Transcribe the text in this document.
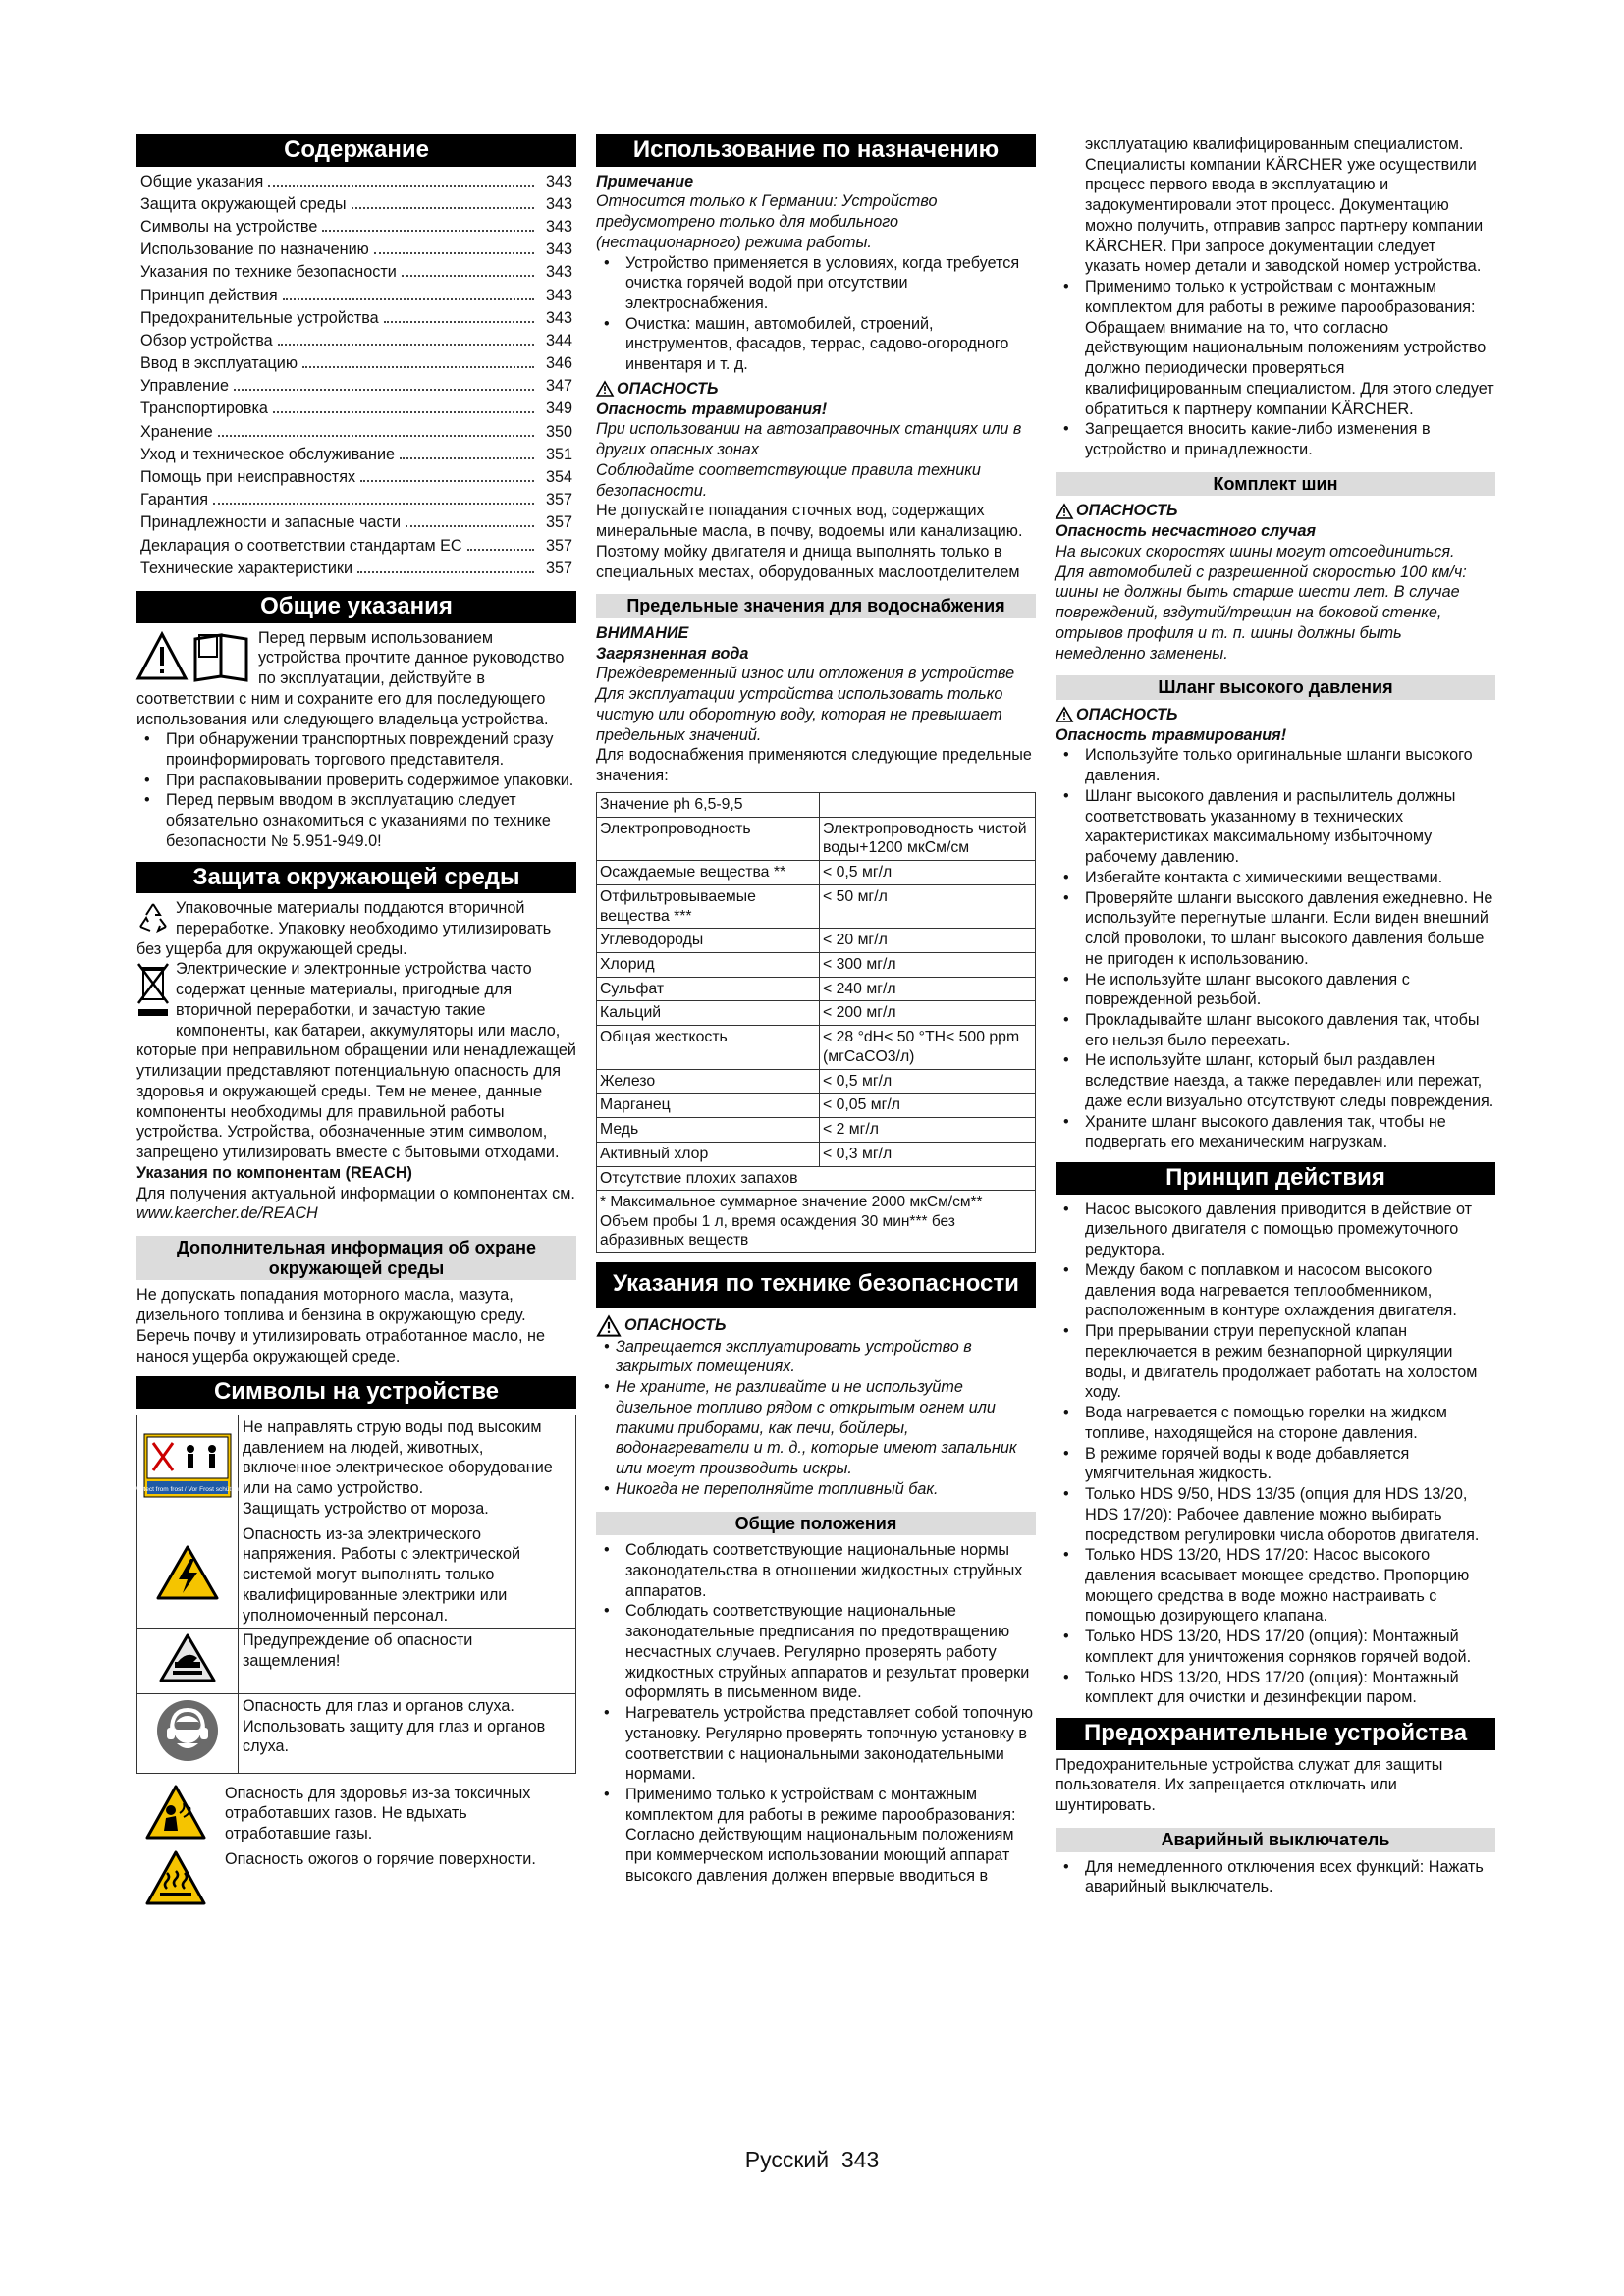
Содержание
Общие указания	343
Защита окружающей среды	343
Символы на устройстве	343
Использование по назначению	343
Указания по технике безопасности	343
Принцип действия	343
Предохранительные устройства	343
Обзор устройства	344
Ввод в эксплуатацию	346
Управление	347
Транспортировка	349
Хранение	350
Уход и техническое обслуживание	351
Помощь при неисправностях	354
Гарантия	357
Принадлежности и запасные части	357
Декларация о соответствии стандартам ЕС	357
Технические характеристики	357
Общие указания
Перед первым использованием устройства прочтите данное руководство по эксплуатации, действуйте в соответствии с ним и сохраните его для последующего использования или следующего владельца устройства.
• При обнаружении транспортных повреждений сразу проинформировать торгового представителя.
• При распаковывании проверить содержимое упаковки.
• Перед первым вводом в эксплуатацию следует обязательно ознакомиться с указаниями по технике безопасности № 5.951-949.0!
Защита окружающей среды
Упаковочные материалы поддаются вторичной переработке. Упаковку необходимо утилизировать без ущерба для окружающей среды.
Электрические и электронные устройства часто содержат ценные материалы, пригодные для вторичной переработки, и зачастую такие компоненты, как батареи, аккумуляторы или масло, которые при неправильном обращении или ненадлежащей утилизации представляют потенциальную опасность для здоровья и окружающей среды. Тем не менее, данные компоненты необходимы для правильной работы устройства. Устройства, обозначенные этим символом, запрещено утилизировать вместе с бытовыми отходами.

Указания по компонентам (REACH)

Для получения актуальной информации о компонентах см. www.kaercher.de/REACH

Дополнительная информация об охране окружающей среды

Не допускать попадания моторного масла, мазута, дизельного топлива и бензина в окружающую среду. Беречь почву и утилизировать отработанное масло, не нанося ущерба окружающей среде.

Символы на устройстве
Protect from frost / Vor Frost schützen	Не направлять струю воды под высоким давлением на людей, животных, включенное электрическое оборудование или на само устройство.
Защищать устройство от мороза.
	Опасность из-за электрического напряжения. Работы с электрической системой могут выполнять только квалифицированные электрики или уполномоченный персонал.
	Предупреждение об опасности защемления!
	Опасность для глаз и органов слуха. Использовать защиту для глаз и органов слуха.

Опасность для здоровья из-за токсичных отработавших газов. Не вдыхать отработавшие газы.

Опасность ожогов о горячие поверхности.

Использование по назначению

Примечание

Относится только к Германии: Устройство предусмотрено только для мобильного (нестационарного) режима работы.

• Устройство применяется в условиях, когда требуется очистка горячей водой при отсутствии электроснабжения.
• Очистка: машин, автомобилей, строений, инструментов, фасадов, террас, садово-огородного инвентаря и т. д.
ОПАСНОСТЬ

Опасность травмирования!

При использовании на автозаправочных станциях или в других опасных зонах

Соблюдайте соответствующие правила техники безопасности.

Не допускайте попадания сточных вод, содержащих минеральные масла, в почву, водоемы или канализацию. Поэтому мойку двигателя и днища выполнять только в специальных местах, оборудованных маслоотделителем

Предельные значения для водоснабжения

ВНИМАНИЕ

Загрязненная вода

Преждевременный износ или отложения в устройстве

Для эксплуатации устройства использовать только чистую или оборотную воду, которая не превышает предельных значений.

Для водоснабжения применяются следующие предельные значения:

Значение ph 6,5-9,5	
Электропроводность	Электропроводность чистой воды+1200 мкСм/см
Осаждаемые вещества **	< 0,5 мг/л
Отфильтровываемые вещества ***	< 50 мг/л
Углеводороды	< 20 мг/л
Хлорид	< 300 мг/л
Сульфат	< 240 мг/л
Кальций	< 200 мг/л
Общая жесткость	< 28 °dH< 50 °TH< 500 ppm (мгCaCO3/л)
Железо	< 0,5 мг/л
Марганец	< 0,05 мг/л
Медь	< 2 мг/л
Активный хлор	< 0,3 мг/л
Отсутствие плохих запахов	
* Максимальное суммарное значение 2000 мкСм/см** Объем пробы 1 л, время осаждения 30 мин*** без абразивных веществ	
Указания по технике безопасности
ОПАСНОСТЬ
• Запрещается эксплуатировать устройство в закрытых помещениях.
• Не храните, не разливайте и не используйте дизельное топливо рядом с открытым огнем или такими приборами, как печи, бойлеры, водонагреватели и т. д., которые имеют запальник или могут производить искры.
• Никогда не переполняйте топливный бак.
Общие положения
• Соблюдать соответствующие национальные нормы законодательства в отношении жидкостных струйных аппаратов.
• Соблюдать соответствующие национальные законодательные предписания по предотвращению несчастных случаев. Регулярно проверять работу жидкостных струйных аппаратов и результат проверки оформлять в письменном виде.
• Нагреватель устройства представляет собой топочную установку. Регулярно проверять топочную установку в соответствии с национальными законодательными нормами.
• Применимо только к устройствам с монтажным комплектом для работы в режиме парообразования: Согласно действующим национальным положениям при коммерческом использовании моющий аппарат высокого давления должен впервые вводиться в
эксплуатацию квалифицированным специалистом. Специалисты компании KÄRCHER уже осуществили процесс первого ввода в эксплуатацию и задокументировали этот процесс. Документацию можно получить, отправив запрос партнеру компании KÄRCHER. При запросе документации следует указать номер детали и заводской номер устройства.
• Применимо только к устройствам с монтажным комплектом для работы в режиме парообразования: Обращаем внимание на то, что согласно действующим национальным положениям устройство должно периодически проверяться квалифицированным специалистом. Для этого следует обратиться к партнеру компании KÄRCHER.
• Запрещается вносить какие-либо изменения в устройство и принадлежности.
Комплект шин
ОПАСНОСТЬ

Опасность несчастного случая

На высоких скоростях шины могут отсоединиться.

Для автомобилей с разрешенной скоростью 100 км/ч: шины не должны быть старше шести лет. В случае повреждений, вздутий/трещин на боковой стенке, отрывов профиля и т. п. шины должны быть немедленно заменены.

Шланг высокого давления
ОПАСНОСТЬ

Опасность травмирования!

• Используйте только оригинальные шланги высокого давления.
• Шланг высокого давления и распылитель должны соответствовать указанному в технических характеристиках максимальному избыточному рабочему давлению.
• Избегайте контакта с химическими веществами.
• Проверяйте шланги высокого давления ежедневно. Не используйте перегнутые шланги. Если виден внешний слой проволоки, то шланг высокого давления больше не пригоден к использованию.
• Не используйте шланг высокого давления с поврежденной резьбой.
• Прокладывайте шланг высокого давления так, чтобы его нельзя было переехать.
• Не используйте шланг, который был раздавлен вследствие наезда, а также передавлен или пережат, даже если визуально отсутствуют следы повреждения.
• Храните шланг высокого давления так, чтобы не подвергать его механическим нагрузкам.
Принцип действия
• Насос высокого давления приводится в действие от дизельного двигателя с помощью промежуточного редуктора.
• Между баком с поплавком и насосом высокого давления вода нагревается теплообменником, расположенным в контуре охлаждения двигателя.
• При прерывании струи перепускной клапан переключается в режим безнапорной циркуляции воды, и двигатель продолжает работать на холостом ходу.
• Вода нагревается с помощью горелки на жидком топливе, находящейся на стороне давления.
• В режиме горячей воды к воде добавляется умягчительная жидкость.
• Только HDS 9/50, HDS 13/35 (опция для HDS 13/20, HDS 17/20): Рабочее давление можно выбирать посредством регулировки числа оборотов двигателя.
• Только HDS 13/20, HDS 17/20: Насос высокого давления всасывает моющее средство. Пропорцию моющего средства в воде можно настраивать с помощью дозирующего клапана.
• Только HDS 13/20, HDS 17/20 (опция): Монтажный комплект для уничтожения сорняков горячей водой.
• Только HDS 13/20, HDS 17/20 (опция): Монтажный комплект для очистки и дезинфекции паром.
Предохранительные устройства

Предохранительные устройства служат для защиты пользователя. Их запрещается отключать или шунтировать.

Аварийный выключатель
• Для немедленного отключения всех функций: Нажать аварийный выключатель.
Русский 343
